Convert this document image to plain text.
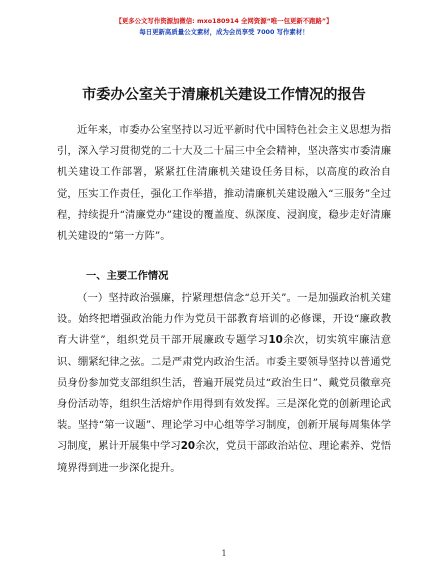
【更多公文写作资源加微信: mxo180914 全网资源“唯一包更新不跑路”】
每日更新高质量公文素材，成为会员享受 7000 写作素材！
市委办公室关于清廉机关建设工作情况的报告

近年来，市委办公室坚持以习近平新时代中国特色社会主义思想为指引，深入学习贯彻党的二十大及二十届三中全会精神，坚决落实市委清廉机关建设工作部署，紧紧扛住清廉机关建设任务目标，以高度的政治自觉，压实工作责任，强化工作举措，推动清廉机关建设融入“三服务”全过程，持续提升“清廉党办”建设的覆盖度、纵深度、浸润度，稳步走好清廉机关建设的“第一方阵”。

一、主要工作情况

（一）坚持政治强廉，拧紧理想信念“总开关”。一是加强政治机关建设。始终把增强政治能力作为党员干部教育培训的必修课，开设“廉政教育大讲堂”，组织党员干部开展廉政专题学习10余次，切实筑牢廉洁意识、绷紧纪律之弦。二是严肃党内政治生活。市委主要领导坚持以普通党员身份参加党支部组织生活，普遍开展党员过“政治生日”、戴党员徽章亮身份活动等，组织生活熔炉作用得到有效发挥。三是深化党的创新理论武装。坚持“第一议题”、理论学习中心组等学习制度，创新开展每周集体学习制度，累计开展集中学习20余次，党员干部政治站位、理论素养、党悟境界得到进一步深化提升。

1
